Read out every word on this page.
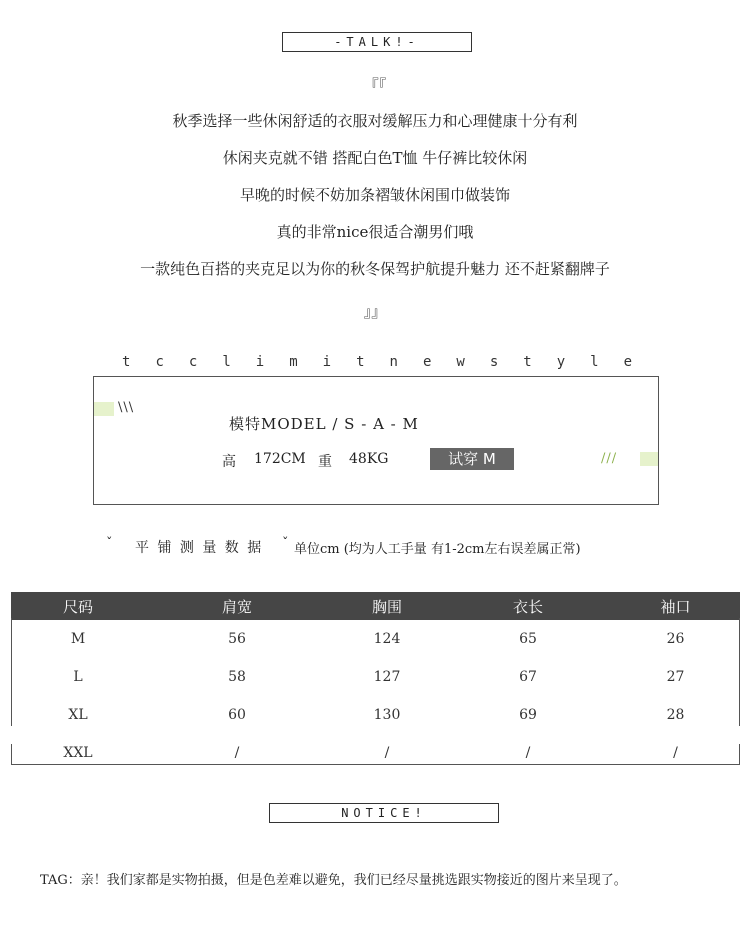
-TALK!-
『『
秋季选择一些休闲舒适的衣服对缓解压力和心理健康十分有利
休闲夹克就不错 搭配白色T恤 牛仔裤比较休闲
早晚的时候不妨加条褶皱休闲围巾做装饰
真的非常nice很适合潮男们哦
一款纯色百搭的夹克足以为你的秋冬保驾护航提升魅力 还不赶紧翻牌子
』』
t c c l i m i t n e w s t y l e
\\\
模特MODEL / S - A - M
高 172CM 重 48KG	试穿 M	///
ˇ 平 铺 测 量 数 据 ˇ 单位cm (均为人工手量 有1-2cm左右误差属正常)
尺码	肩宽	胸围	衣长	袖口
M	56	124	65	26
L	58	127	67	27
XL	60	130	69	28
XXL	/	/	/	/
NOTICE!
TAG：亲！我们家都是实物拍摄，但是色差难以避免，我们已经尽量挑选跟实物接近的图片来呈现了。
